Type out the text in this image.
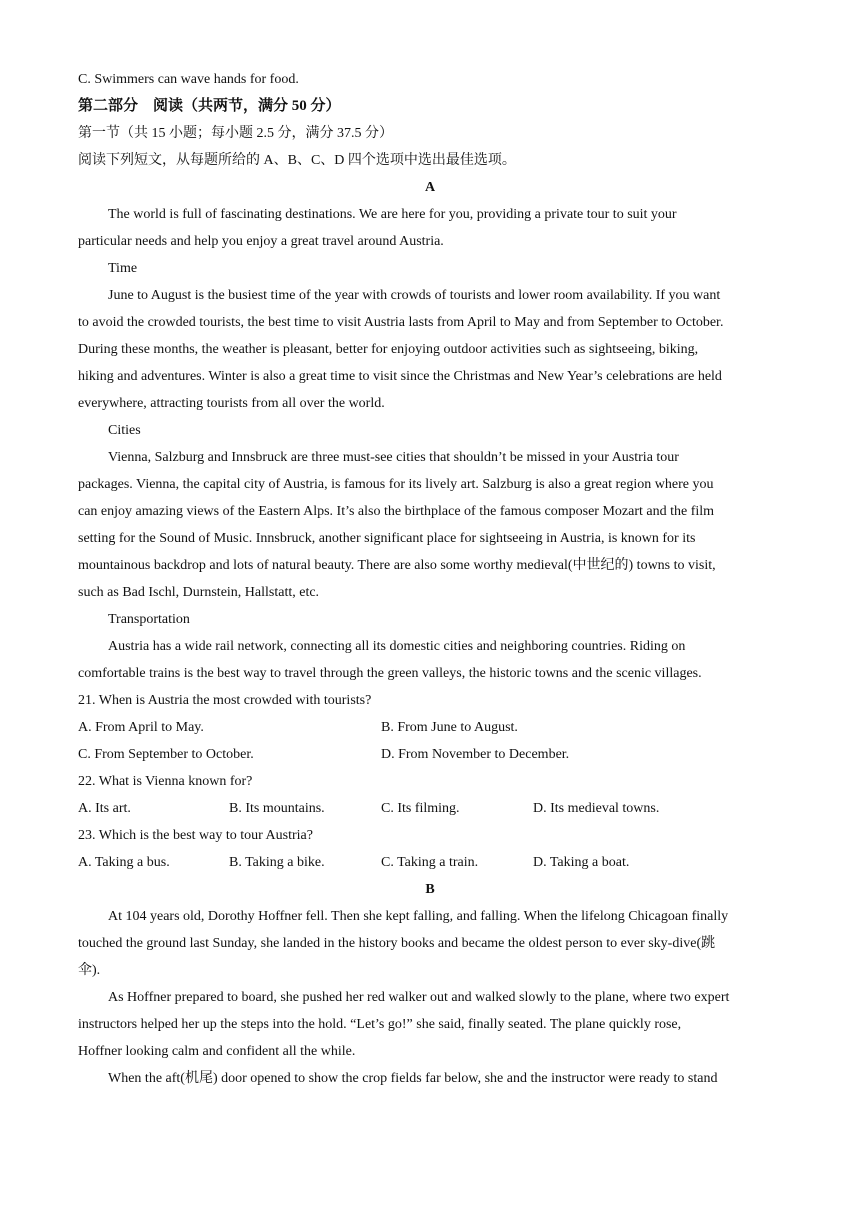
C. Swimmers can wave hands for food.
第二部分　阅读（共两节，满分 50 分）
第一节（共 15 小题；每小题 2.5 分，满分 37.5 分）
阅读下列短文，从每题所给的 A、B、C、D 四个选项中选出最佳选项。
A
The world is full of fascinating destinations. We are here for you, providing a private tour to suit your
particular needs and help you enjoy a great travel around Austria.
Time
June to August is the busiest time of the year with crowds of tourists and lower room availability. If you want
to avoid the crowded tourists, the best time to visit Austria lasts from April to May and from September to October.
During these months, the weather is pleasant, better for enjoying outdoor activities such as sightseeing, biking,
hiking and adventures. Winter is also a great time to visit since the Christmas and New Year’s celebrations are held
everywhere, attracting tourists from all over the world.
Cities
Vienna, Salzburg and Innsbruck are three must-see cities that shouldn’t be missed in your Austria tour
packages. Vienna, the capital city of Austria, is famous for its lively art. Salzburg is also a great region where you
can enjoy amazing views of the Eastern Alps. It’s also the birthplace of the famous composer Mozart and the film
setting for the Sound of Music. Innsbruck, another significant place for sightseeing in Austria, is known for its
mountainous backdrop and lots of natural beauty. There are also some worthy medieval(中世纪的) towns to visit,
such as Bad Ischl, Durnstein, Hallstatt, etc.
Transportation
Austria has a wide rail network, connecting all its domestic cities and neighboring countries. Riding on
comfortable trains is the best way to travel through the green valleys, the historic towns and the scenic villages.
21. When is Austria the most crowded with tourists?
A. From April to May.	B. From June to August.
C. From September to October.	D. From November to December.
22. What is Vienna known for?
A. Its art.	B. Its mountains.	C. Its filming.	D. Its medieval towns.
23. Which is the best way to tour Austria?
A. Taking a bus.	B. Taking a bike.	C. Taking a train.	D. Taking a boat.
B
At 104 years old, Dorothy Hoffner fell. Then she kept falling, and falling. When the lifelong Chicagoan finally
touched the ground last Sunday, she landed in the history books and became the oldest person to ever sky-dive(跳
伞).
As Hoffner prepared to board, she pushed her red walker out and walked slowly to the plane, where two expert
instructors helped her up the steps into the hold. “Let’s go!” she said, finally seated. The plane quickly rose,
Hoffner looking calm and confident all the while.
When the aft(机尾) door opened to show the crop fields far below, she and the instructor were ready to stand
